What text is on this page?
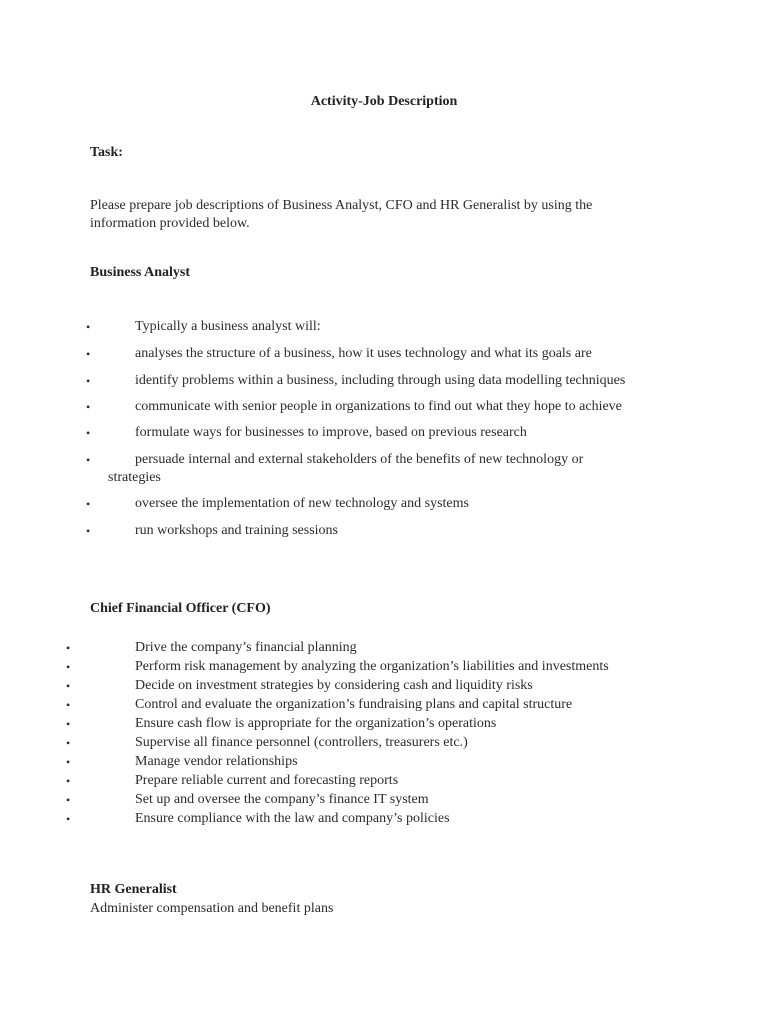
Activity-Job Description
Task:
Please prepare job descriptions of Business Analyst, CFO and HR Generalist by using the information provided below.
Business Analyst
•	Typically a business analyst will:
•	analyses the structure of a business, how it uses technology and what its goals are
•	identify problems within a business, including through using data modelling techniques
•	communicate with senior people in organizations to find out what they hope to achieve
•	formulate ways for businesses to improve, based on previous research
•	persuade internal and external stakeholders of the benefits of new technology or
strategies
•	oversee the implementation of new technology and systems
•	run workshops and training sessions
Chief Financial Officer (CFO)
•	Drive the company’s financial planning
•	Perform risk management by analyzing the organization’s liabilities and investments
•	Decide on investment strategies by considering cash and liquidity risks
•	Control and evaluate the organization’s fundraising plans and capital structure
•	Ensure cash flow is appropriate for the organization’s operations
•	Supervise all finance personnel (controllers, treasurers etc.)
•	Manage vendor relationships
•	Prepare reliable current and forecasting reports
•	Set up and oversee the company’s finance IT system
•	Ensure compliance with the law and company’s policies
HR Generalist
Administer compensation and benefit plans
